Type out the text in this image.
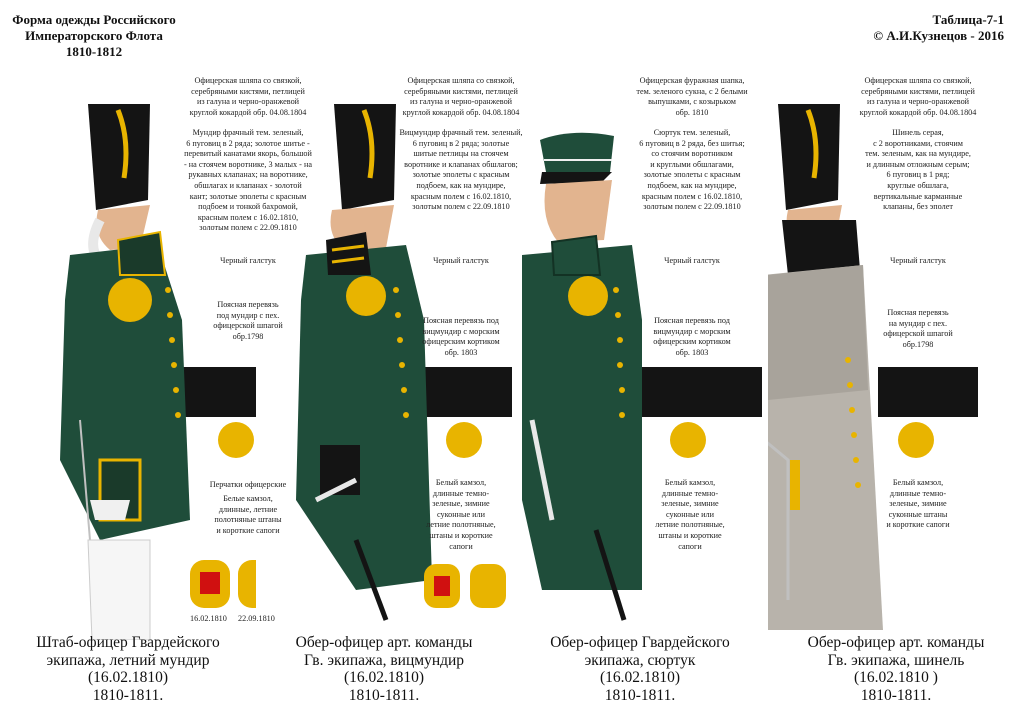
Форма одежды Российского
Императорского Флота
1810-1812
Таблица-7-1
© А.И.Кузнецов - 2016
Офицерская шляпа со связкой,
серебряными кистями, петлицей
из галуна и черно-оранжевой
круглой кокардой обр. 04.08.1804
Мундир фрачный тем. зеленый,
6 пуговиц в 2 ряда; золотое шитье -
перевитый канатами якорь, большой
- на стоячем воротнике, 3 малых - на
рукавных клапанах; на воротнике,
обшлагах и клапанах - золотой
кант; золотые эполеты с красным
подбоем и тонкой бахромой,
красным полем с 16.02.1810,
золотым полем с 22.09.1810
Черный галстук
Поясная перевязь
под мундир с пех.
офицерской шпагой
обр.1798
Перчатки офицерские
Белые камзол,
длинные, летние
полотняные штаны
и короткие сапоги
16.02.1810 22.09.1810
Штаб-офицер Гвардейского
экипажа, летний мундир
(16.02.1810)
1810-1811.
Офицерская шляпа со связкой,
серебряными кистями, петлицей
из галуна и черно-оранжевой
круглой кокардой обр. 04.08.1804
Вицмундир фрачный тем. зеленый,
6 пуговиц в 2 ряда; золотые
шитые петлицы на стоячем
воротнике и клапанах обшлагов;
золотые эполеты с красным
подбоем, как на мундире,
красным полем с 16.02.1810,
золотым полем с 22.09.1810
Черный галстук
Поясная перевязь под
вицмундир с морским
офицерским кортиком
обр. 1803
Белый камзол,
длинные темно-
зеленые, зимние
суконные или
летние полотняные,
штаны и короткие
сапоги
Обер-офицер арт. команды
Гв. экипажа, вицмундир
(16.02.1810)
1810-1811.
Офицерская фуражная шапка,
тем. зеленого сукна, с 2 белыми
выпушками, с козырьком
обр. 1810
Сюртук тем. зеленый,
6 пуговиц в 2 ряда, без шитья;
со стоячим воротником
и круглыми обшлагами,
золотые эполеты с красным
подбоем, как на мундире,
красным полем с 16.02.1810,
золотым полем с 22.09.1810
Черный галстук
Поясная перевязь под
вицмундир с морским
офицерским кортиком
обр. 1803
Белый камзол,
длинные темно-
зеленые, зимние
суконные или
летние полотняные,
штаны и короткие
сапоги
Обер-офицер Гвардейского
экипажа, сюртук
(16.02.1810)
1810-1811.
Офицерская шляпа со связкой,
серебряными кистями, петлицей
из галуна и черно-оранжевой
круглой кокардой обр. 04.08.1804
Шинель серая,
с 2 воротниками, стоячим
тем. зеленым, как на мундире,
и длинным отложным серым;
6 пуговиц в 1 ряд;
круглые обшлага,
вертикальные карманные
клапаны, без эполет
Черный галстук
Поясная перевязь
на мундир с пех.
офицерской шпагой
обр.1798
Белый камзол,
длинные темно-
зеленые, зимние
суконные штаны
и короткие сапоги
Обер-офицер арт. команды
Гв. экипажа, шинель
(16.02.1810 )
1810-1811.
